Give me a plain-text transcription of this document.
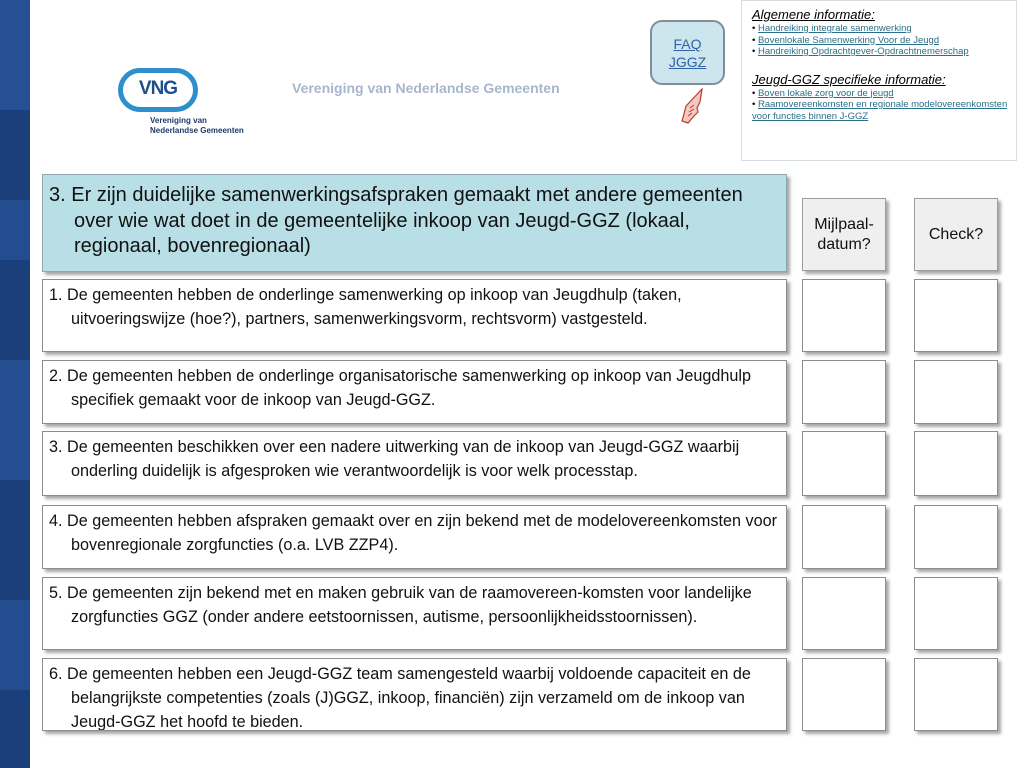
VNG
Vereniging van
Nederlandse Gemeenten
Vereniging van Nederlandse Gemeenten
FAQ
JGGZ
Algemene informatie:
• Handreiking integrale samenwerking
• Bovenlokale Samenwerking Voor de Jeugd
• Handreiking Opdrachtgever-Opdrachtnemerschap
Jeugd-GGZ specifieke informatie:
• Boven lokale zorg voor de jeugd
• Raamovereenkomsten en regionale modelovereenkomsten voor functies binnen J-GGZ
3. Er zijn duidelijke samenwerkingsafspraken gemaakt met andere gemeenten over wie wat doet in de gemeentelijke inkoop van Jeugd-GGZ (lokaal, regionaal, bovenregionaal)
Mijlpaal-datum?
Check?
1. De gemeenten hebben de onderlinge samenwerking op inkoop van Jeugdhulp (taken, uitvoeringswijze (hoe?), partners, samenwerkingsvorm, rechtsvorm) vastgesteld.
2. De gemeenten hebben de onderlinge organisatorische samenwerking op inkoop van Jeugdhulp specifiek gemaakt voor de inkoop van Jeugd-GGZ.
3. De gemeenten beschikken over een nadere uitwerking van de inkoop van Jeugd-GGZ waarbij onderling duidelijk is afgesproken wie verantwoordelijk is voor welk processtap.
4. De gemeenten hebben afspraken gemaakt over en zijn bekend met de modelovereenkomsten voor bovenregionale zorgfuncties (o.a. LVB ZZP4).
5. De gemeenten zijn bekend met en maken gebruik van de raamovereen-komsten voor landelijke zorgfuncties GGZ (onder andere eetstoornissen, autisme, persoonlijkheidsstoornissen).
6. De gemeenten hebben een Jeugd-GGZ team samengesteld waarbij voldoende capaciteit en de belangrijkste competenties (zoals (J)GGZ, inkoop, financiën) zijn verzameld om de inkoop van Jeugd-GGZ het hoofd te bieden.
